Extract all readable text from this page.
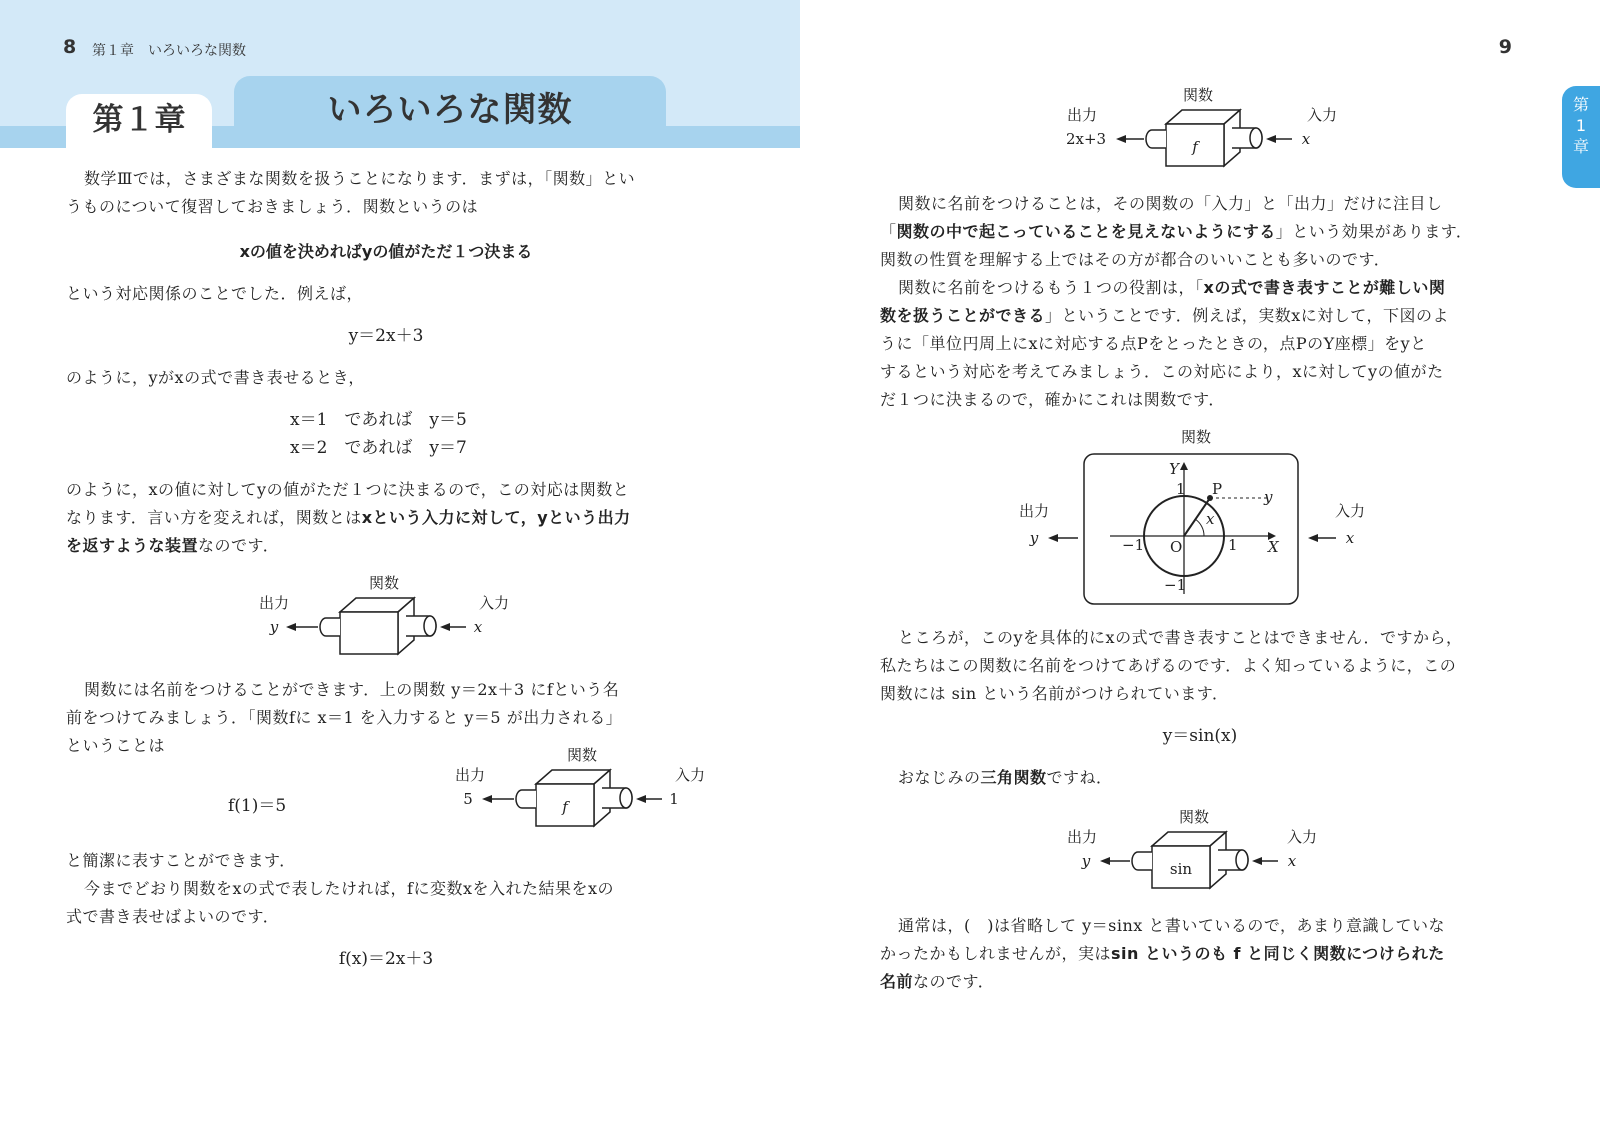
8 第１章　いろいろな関数
第１章	いろいろな関数
数学Ⅲでは，さまざまな関数を扱うことになります．まずは，「関数」とい
うものについて復習しておきましょう．関数というのは
xの値を決めればyの値がただ１つ決まる
という対応関係のことでした．例えば，
y＝2x＋3
のように，yがxの式で書き表せるとき，
x＝1　であれば　y＝5
x＝2　であれば　y＝7
のように，xの値に対してyの値がただ１つに決まるので，この対応は関数と
なります．言い方を変えれば，関数とはxという入力に対して，yという出力
を返すような装置なのです．
関数
出力	入力
y	x
関数には名前をつけることができます．上の関数 y＝2x＋3 にfという名
前をつけてみましょう．「関数fに x＝1 を入力すると y＝5 が出力される」
ということは
f(1)＝5
関数
出力	入力
f
5	1
と簡潔に表すことができます．
今までどおり関数をxの式で表したければ，fに変数xを入れた結果をxの
式で書き表せばよいのです．
f(x)＝2x＋3
9
第
1
章
関数
出力	入力
f
2x+3	x
関数に名前をつけることは，その関数の「入力」と「出力」だけに注目し
「関数の中で起こっていることを見えないようにする」という効果があります．
関数の性質を理解する上ではその方が都合のいいことも多いのです．
関数に名前をつけるもう１つの役割は，「xの式で書き表すことが難しい関
数を扱うことができる」ということです．例えば，実数xに対して，下図のよ
うに「単位円周上にxに対応する点Pをとったときの，点PのY座標」をyと
するという対応を考えてみましょう．この対応により，xに対してyの値がた
だ１つに決まるので，確かにこれは関数です．
関数
出力	入力
y	x
Y
X
O
P
1
1
−1
−1
x
y
ところが，このyを具体的にxの式で書き表すことはできません．ですから，
私たちはこの関数に名前をつけてあげるのです．よく知っているように，この
関数には sin という名前がつけられています．
y＝sin(x)
おなじみの三角関数ですね．
関数
出力	入力
sin
y	x
通常は，(　)は省略して y＝sinx と書いているので，あまり意識していな
かったかもしれませんが，実はsin というのも f と同じく関数につけられた
名前なのです．
